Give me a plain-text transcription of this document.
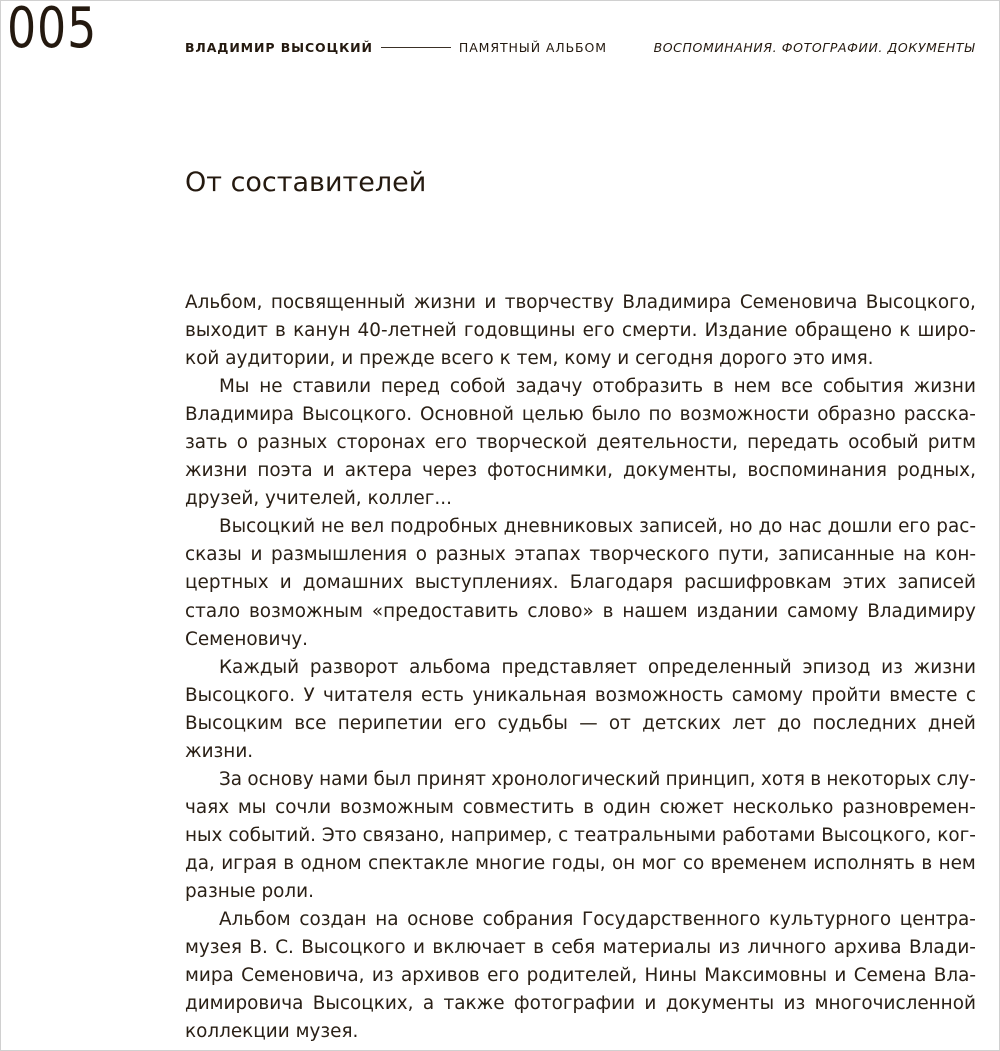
005	ВЛАДИМИР ВЫСОЦКИЙ	ПАМЯТНЫЙ АЛЬБОМ	ВОСПОМИНАНИЯ. ФОТОГРАФИИ. ДОКУМЕНТЫ
От составителей
Альбом, посвященный жизни и творчеству Владимира Семеновича Высоцкого,
выходит в канун 40-летней годовщины его смерти. Издание обращено к широ-
кой аудитории, и прежде всего к тем, кому и сегодня дорого это имя.
Мы не ставили перед собой задачу отобразить в нем все события жизни
Владимира Высоцкого. Основной целью было по возможности образно расска-
зать о разных сторонах его творческой деятельности, передать особый ритм
жизни поэта и актера через фотоснимки, документы, воспоминания родных,
друзей, учителей, коллег...
Высоцкий не вел подробных дневниковых записей, но до нас дошли его рас-
сказы и размышления о разных этапах творческого пути, записанные на кон-
цертных и домашних выступлениях. Благодаря расшифровкам этих записей
стало возможным «предоставить слово» в нашем издании самому Владимиру
Семеновичу.
Каждый разворот альбома представляет определенный эпизод из жизни
Высоцкого. У читателя есть уникальная возможность самому пройти вместе с
Высоцким все перипетии его судьбы — от детских лет до последних дней
жизни.
За основу нами был принят хронологический принцип, хотя в некоторых слу-
чаях мы сочли возможным совместить в один сюжет несколько разновремен-
ных событий. Это связано, например, с театральными работами Высоцкого, ког-
да, играя в одном спектакле многие годы, он мог со временем исполнять в нем
разные роли.
Альбом создан на основе собрания Государственного культурного центра-
музея В. С. Высоцкого и включает в себя материалы из личного архива Влади-
мира Семеновича, из архивов его родителей, Нины Максимовны и Семена Вла-
димировича Высоцких, а также фотографии и документы из многочисленной
коллекции музея.
